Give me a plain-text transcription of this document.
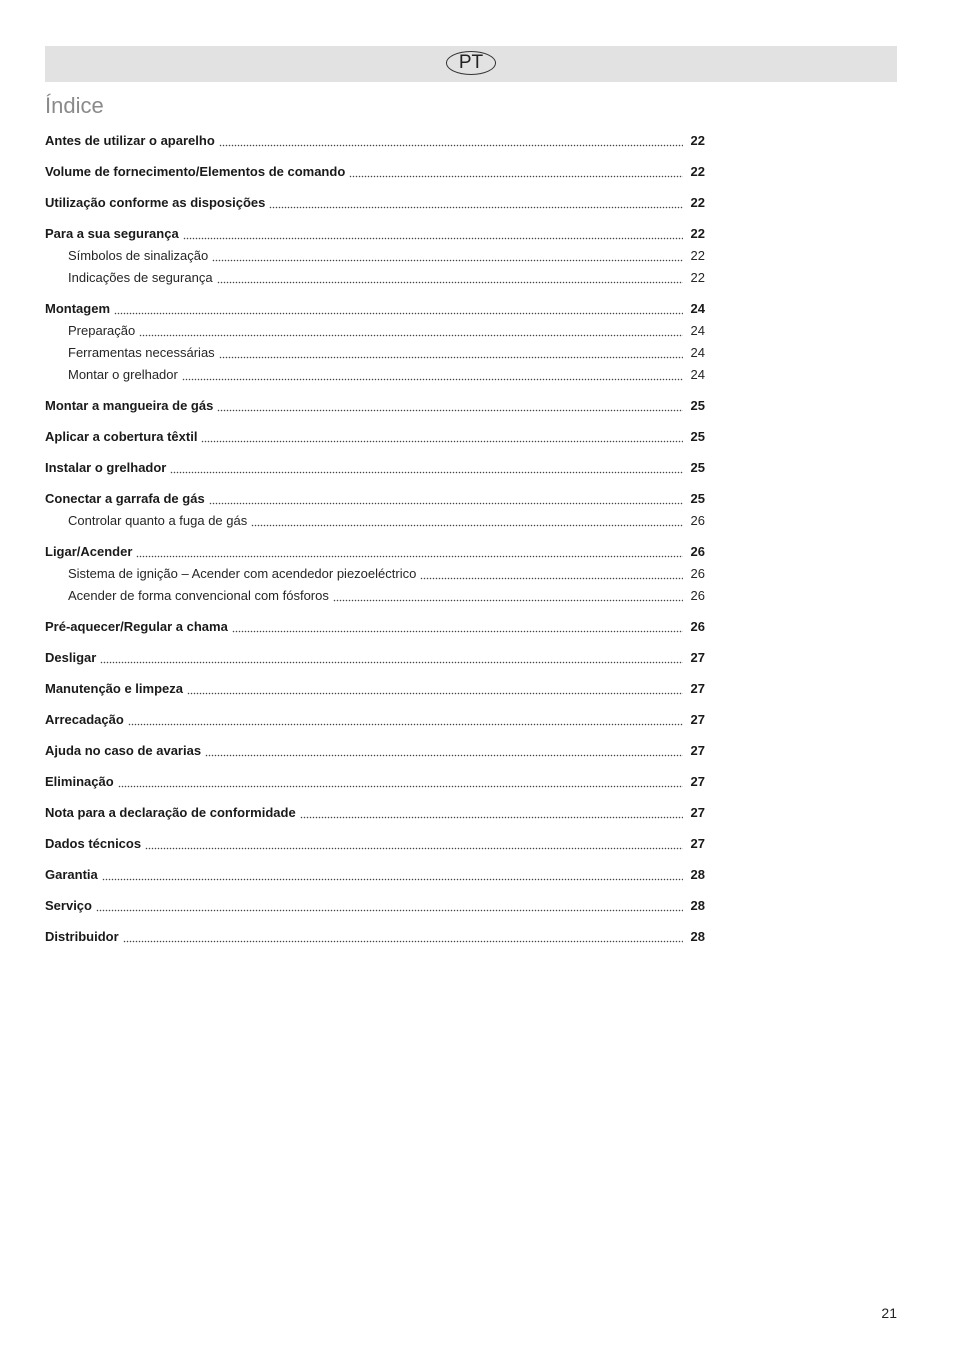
PT
Índice
Antes de utilizar o aparelho	22
Volume de fornecimento/Elementos de comando	22
Utilização conforme as disposições	22
Para a sua segurança	22
Símbolos de sinalização	22
Indicações de segurança	22
Montagem	24
Preparação	24
Ferramentas necessárias	24
Montar o grelhador	24
Montar a mangueira de gás	25
Aplicar a cobertura têxtil	25
Instalar o grelhador	25
Conectar a garrafa de gás	25
Controlar quanto a fuga de gás	26
Ligar/Acender	26
Sistema de ignição – Acender com acendedor piezoeléctrico	26
Acender de forma convencional com fósforos	26
Pré-aquecer/Regular a chama	26
Desligar	27
Manutenção e limpeza	27
Arrecadação	27
Ajuda no caso de avarias	27
Eliminação	27
Nota para a declaração de conformidade	27
Dados técnicos	27
Garantia	28
Serviço	28
Distribuidor	28
21
